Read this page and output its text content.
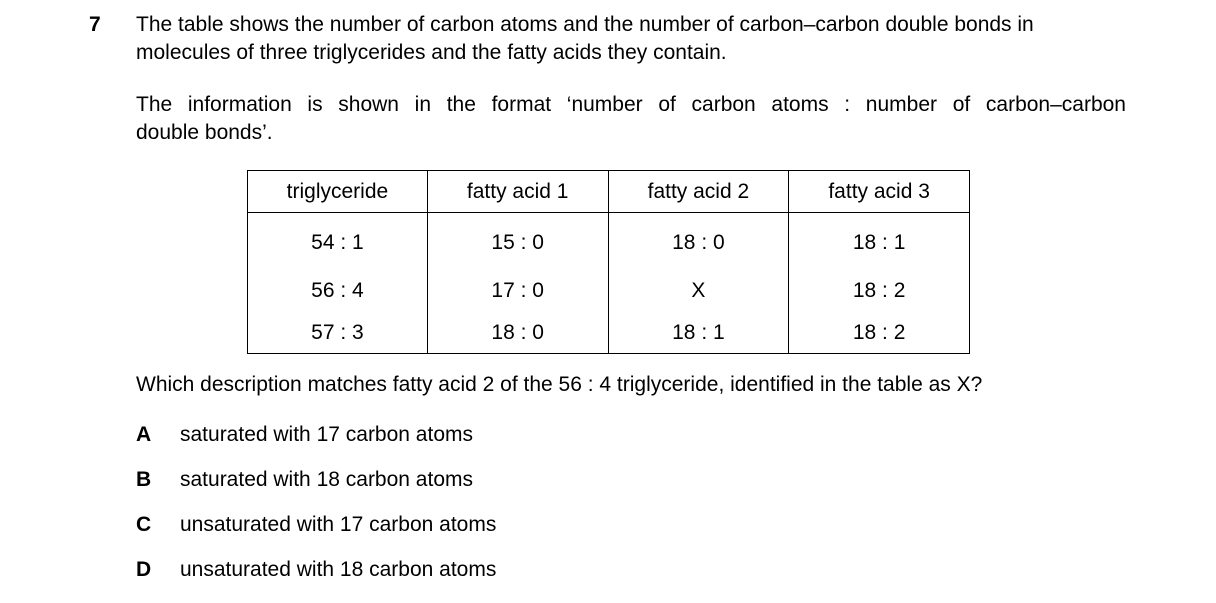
7 The table shows the number of carbon atoms and the number of carbon–carbon double bonds in
molecules of three triglycerides and the fatty acids they contain.
The information is shown in the format ‘number of carbon atoms : number of carbon–carbon
double bonds’.
triglyceride	fatty acid 1	fatty acid 2	fatty acid 3
54 : 1	15 : 0	18 : 0	18 : 1
56 : 4	17 : 0	X	18 : 2
57 : 3	18 : 0	18 : 1	18 : 2
Which description matches fatty acid 2 of the 56 : 4 triglyceride, identified in the table as X?
A saturated with 17 carbon atoms
B saturated with 18 carbon atoms
C unsaturated with 17 carbon atoms
D unsaturated with 18 carbon atoms
